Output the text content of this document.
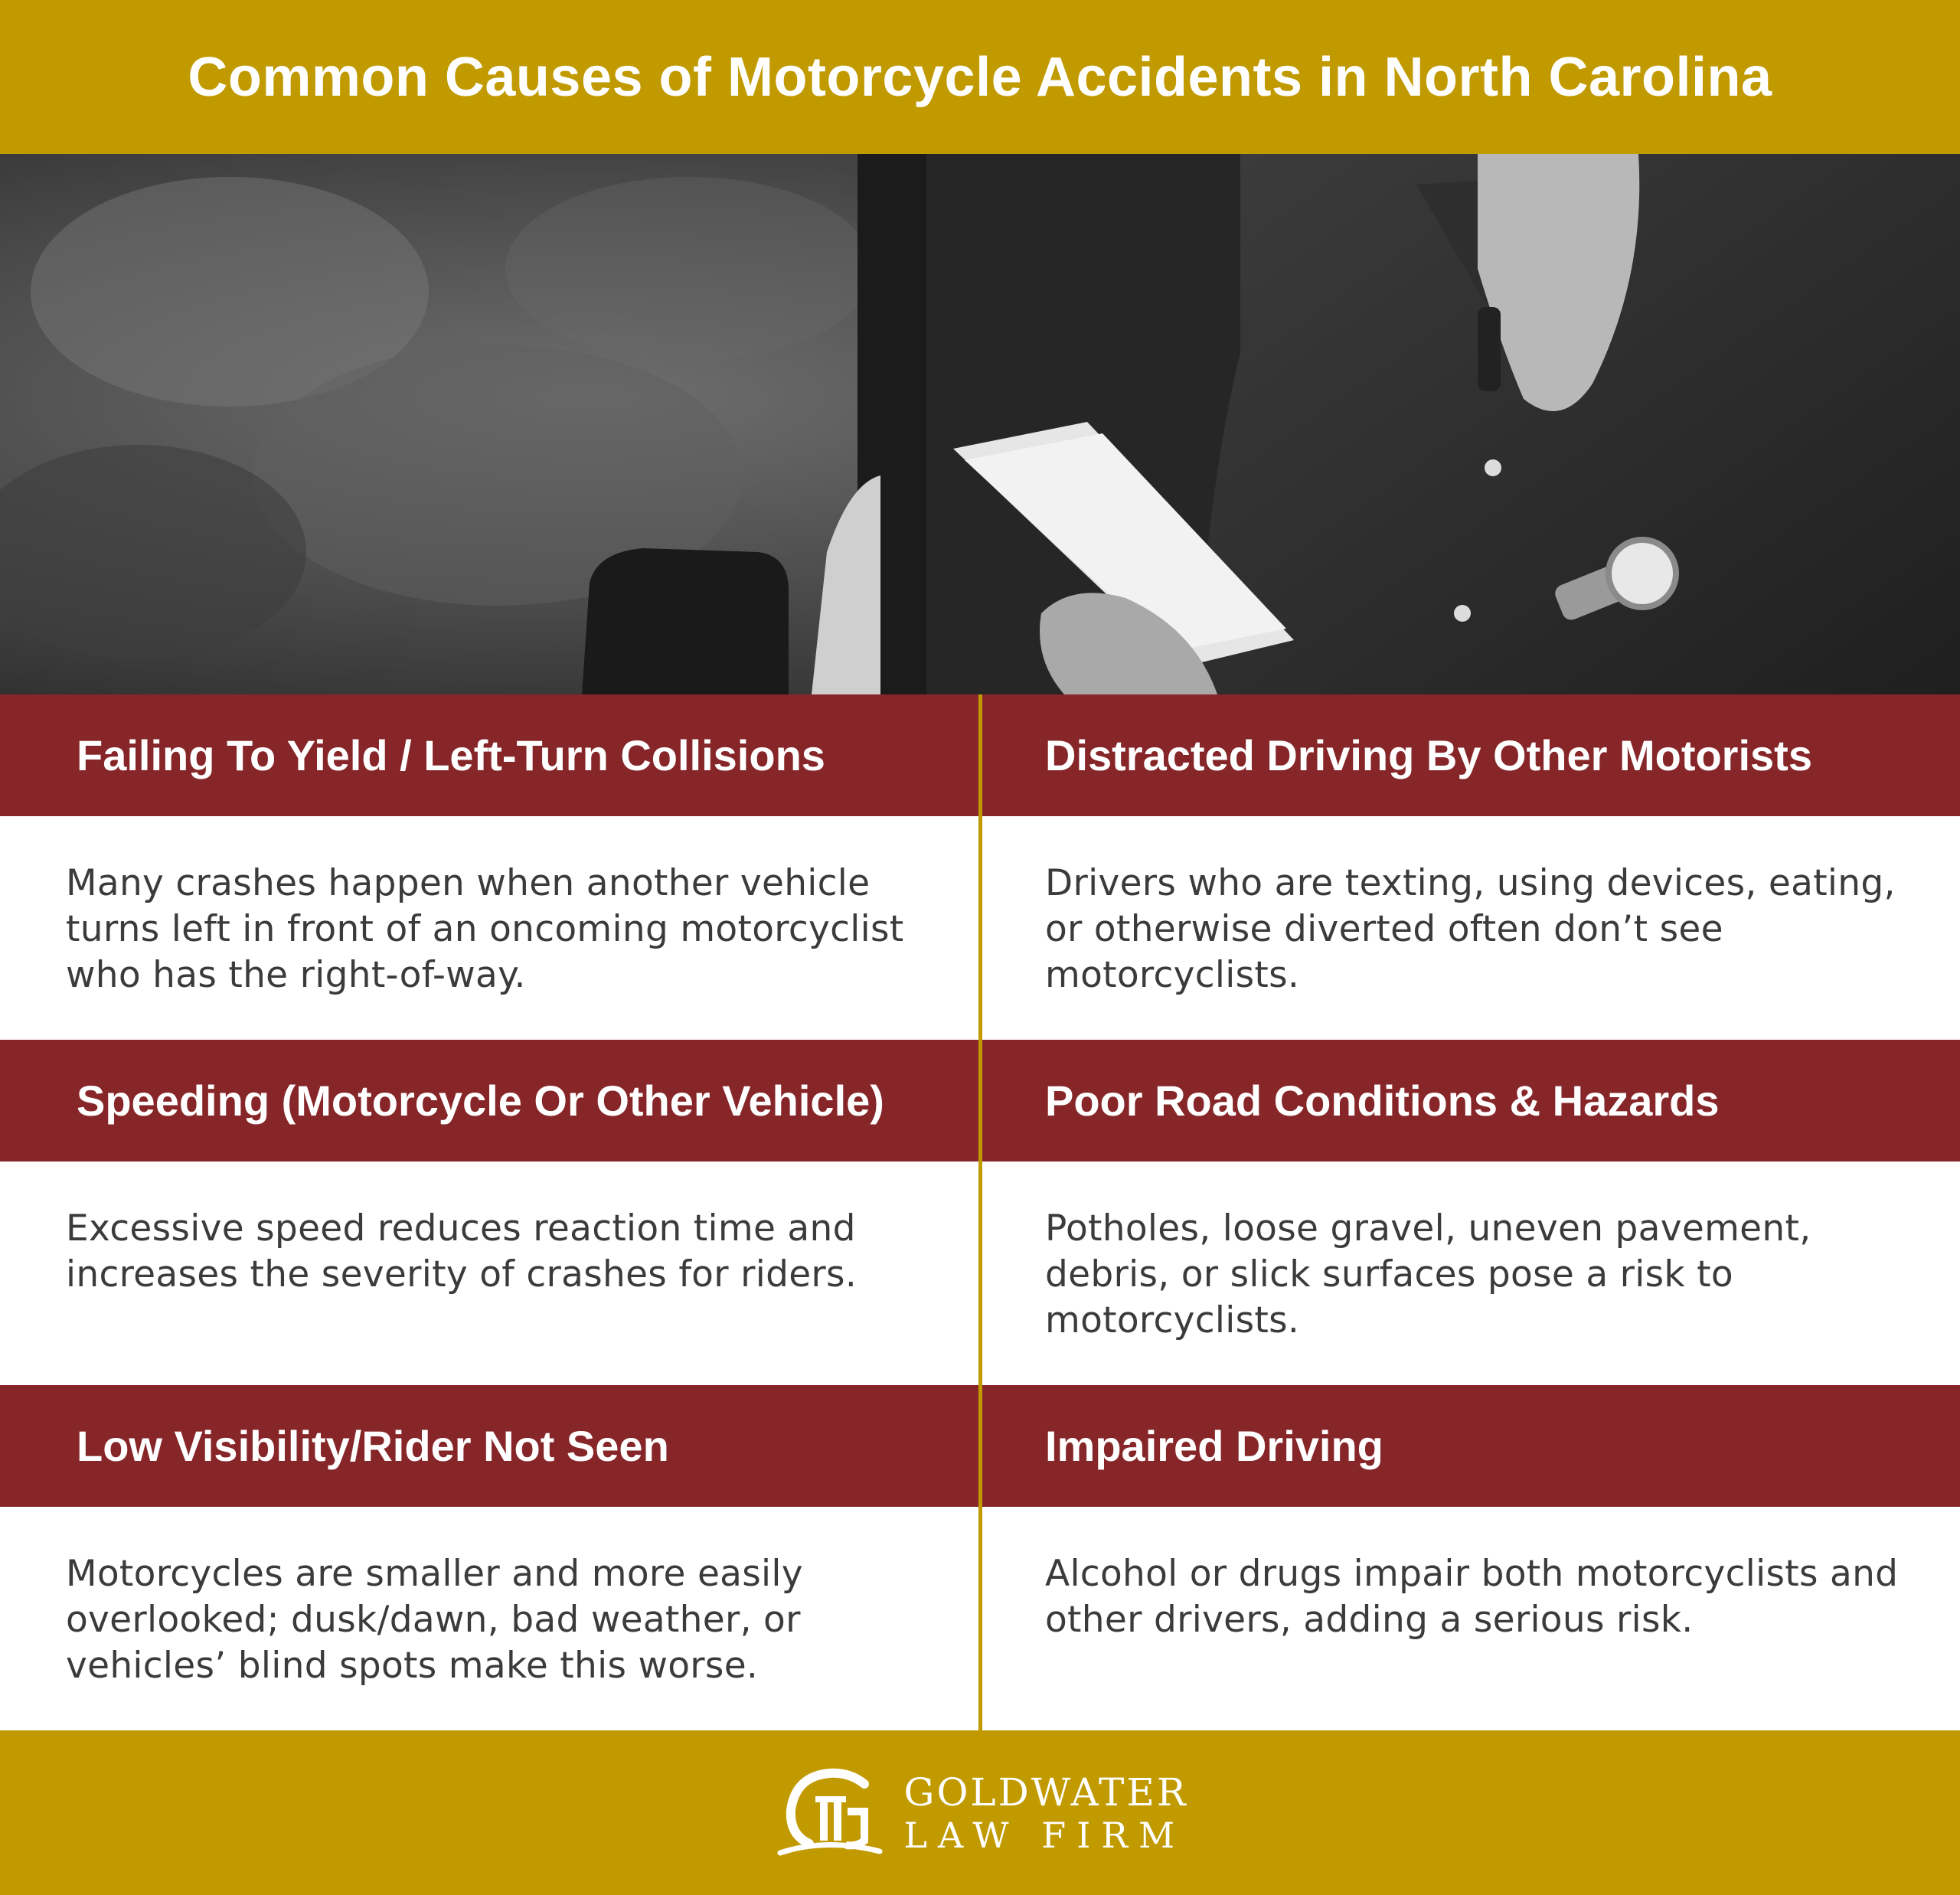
Common Causes of Motorcycle Accidents in North Carolina
Failing To Yield / Left-Turn Collisions

Many crashes happen when another vehicle turns left in front of an oncoming motorcyclist who has the right-of-way.

Distracted Driving By Other Motorists

Drivers who are texting, using devices, eating, or otherwise diverted often don’t see motorcyclists.

Speeding (Motorcycle Or Other Vehicle)

Excessive speed reduces reaction time and increases the severity of crashes for riders.

Poor Road Conditions & Hazards

Potholes, loose gravel, uneven pavement, debris, or slick surfaces pose a risk to motorcyclists.

Low Visibility/Rider Not Seen

Motorcycles are smaller and more easily overlooked; dusk/dawn, bad weather, or vehicles’ blind spots make this worse.

Impaired Driving

Alcohol or drugs impair both motorcyclists and other drivers, adding a serious risk.

GOLDWATER
LAW FIRM
